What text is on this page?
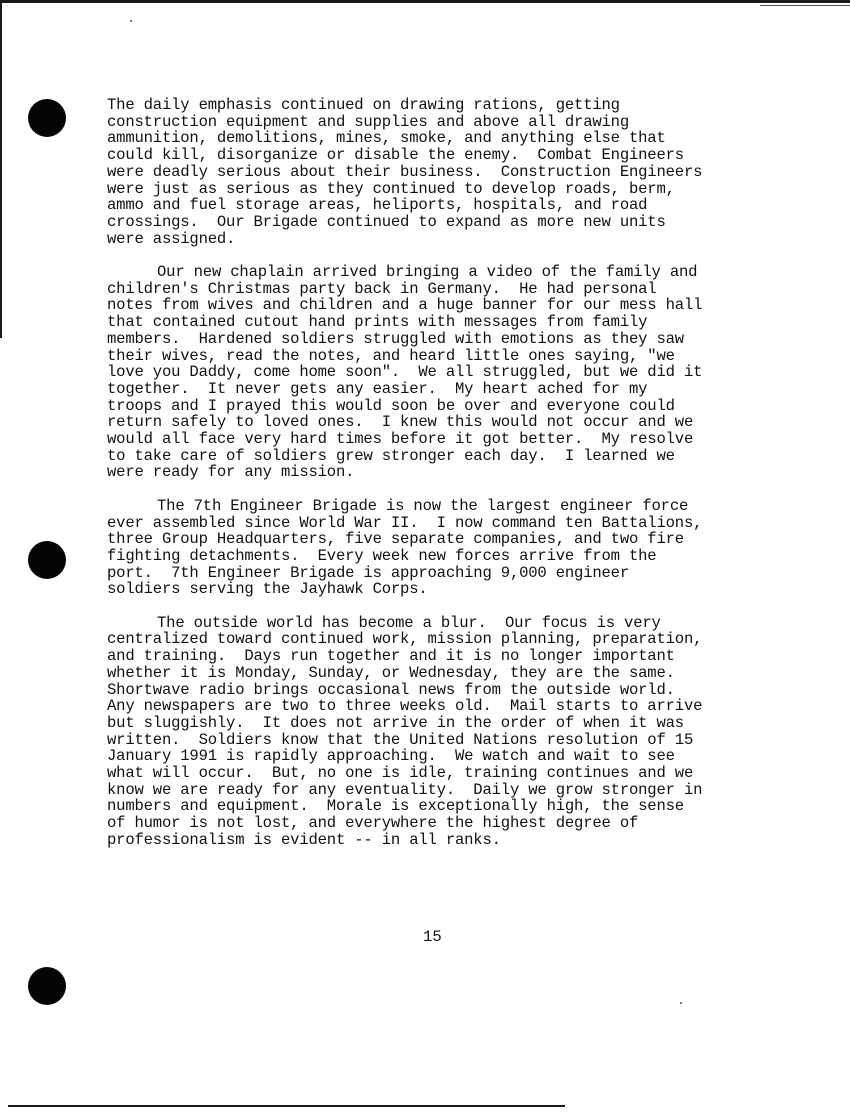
The daily emphasis continued on drawing rations, getting
construction equipment and supplies and above all drawing
ammunition, demolitions, mines, smoke, and anything else that
could kill, disorganize or disable the enemy.  Combat Engineers
were deadly serious about their business.  Construction Engineers
were just as serious as they continued to develop roads, berm,
ammo and fuel storage areas, heliports, hospitals, and road
crossings.  Our Brigade continued to expand as more new units
were assigned.

Our new chaplain arrived bringing a video of the family and
children's Christmas party back in Germany.  He had personal
notes from wives and children and a huge banner for our mess hall
that contained cutout hand prints with messages from family
members.  Hardened soldiers struggled with emotions as they saw
their wives, read the notes, and heard little ones saying, "we
love you Daddy, come home soon".  We all struggled, but we did it
together.  It never gets any easier.  My heart ached for my
troops and I prayed this would soon be over and everyone could
return safely to loved ones.  I knew this would not occur and we
would all face very hard times before it got better.  My resolve
to take care of soldiers grew stronger each day.  I learned we
were ready for any mission.

The 7th Engineer Brigade is now the largest engineer force
ever assembled since World War II.  I now command ten Battalions,
three Group Headquarters, five separate companies, and two fire
fighting detachments.  Every week new forces arrive from the
port.  7th Engineer Brigade is approaching 9,000 engineer
soldiers serving the Jayhawk Corps.

The outside world has become a blur.  Our focus is very
centralized toward continued work, mission planning, preparation,
and training.  Days run together and it is no longer important
whether it is Monday, Sunday, or Wednesday, they are the same.
Shortwave radio brings occasional news from the outside world.
Any newspapers are two to three weeks old.  Mail starts to arrive
but sluggishly.  It does not arrive in the order of when it was
written.  Soldiers know that the United Nations resolution of 15
January 1991 is rapidly approaching.  We watch and wait to see
what will occur.  But, no one is idle, training continues and we
know we are ready for any eventuality.  Daily we grow stronger in
numbers and equipment.  Morale is exceptionally high, the sense
of humor is not lost, and everywhere the highest degree of
professionalism is evident -- in all ranks.

15
